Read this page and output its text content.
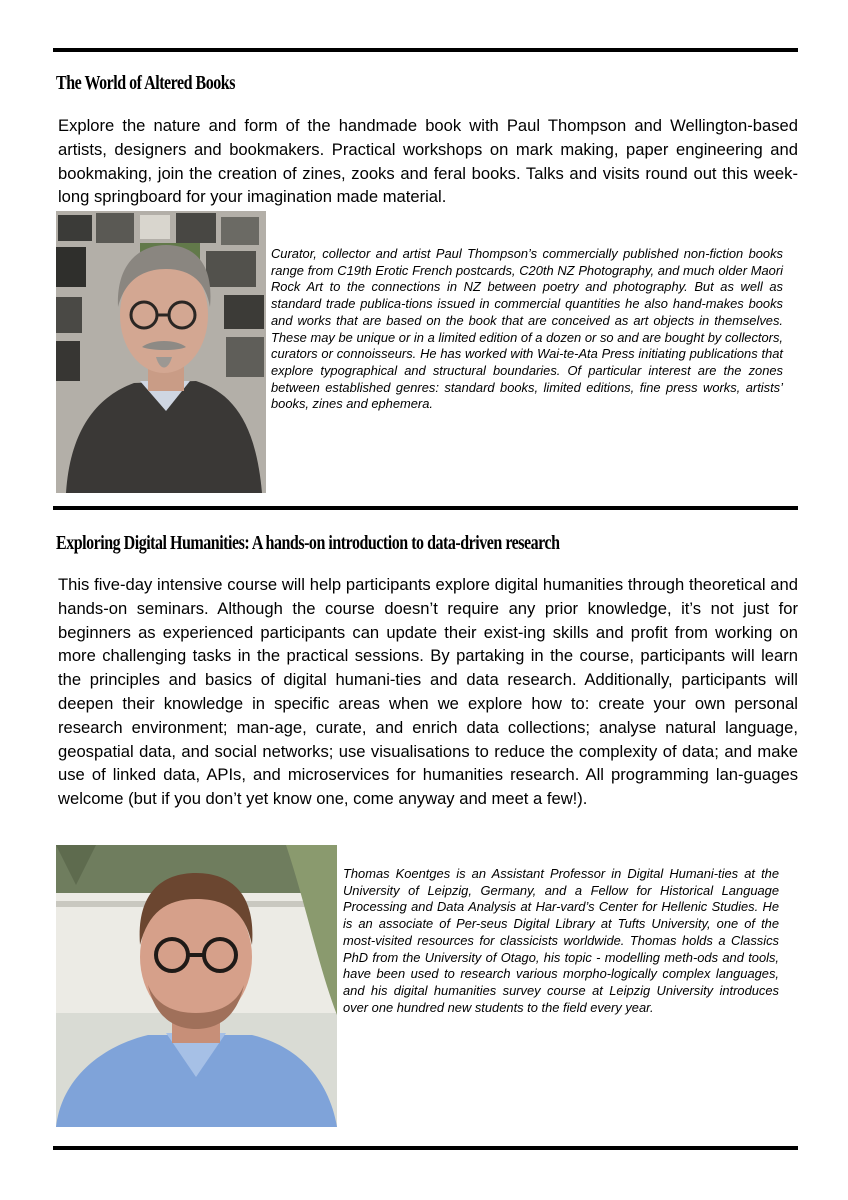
The World of Altered Books

Explore the nature and form of the handmade book with Paul Thompson and Wellington-based artists, designers and bookmakers. Practical workshops on mark making, paper engineering and bookmaking, join the creation of zines, zooks and feral books. Talks and visits round out this week-long springboard for your imagination made material.

Curator, collector and artist Paul Thompson’s commercially published non-fiction books range from C19th Erotic French postcards, C20th NZ Photography, and much older Maori Rock Art to the connections in NZ between poetry and photography. But as well as standard trade publica-tions issued in commercial quantities he also hand-makes books and works that are based on the book that are conceived as art objects in themselves. These may be unique or in a limited edition of a dozen or so and are bought by collectors, curators or connoisseurs. He has worked with Wai-te-Ata Press initiating publications that explore typographical and structural boundaries. Of particular interest are the zones between established genres: standard books, limited editions, fine press works, artists’ books, zines and ephemera.

Exploring Digital Humanities: A hands-on introduction to data-driven research

This five-day intensive course will help participants explore digital humanities through theoretical and hands-on seminars. Although the course doesn’t require any prior knowledge, it’s not just for beginners as experienced participants can update their exist-ing skills and profit from working on more challenging tasks in the practical sessions. By partaking in the course, participants will learn the principles and basics of digital humani-ties and data research. Additionally, participants will deepen their knowledge in specific areas when we explore how to: create your own personal research environment; man-age, curate, and enrich data collections; analyse natural language, geospatial data, and social networks; use visualisations to reduce the complexity of data; and make use of linked data, APIs, and microservices for humanities research. All programming lan-guages welcome (but if you don’t yet know one, come anyway and meet a few!).

Thomas Koentges is an Assistant Professor in Digital Humani-ties at the University of Leipzig, Germany, and a Fellow for Historical Language Processing and Data Analysis at Har-vard’s Center for Hellenic Studies. He is an associate of Per-seus Digital Library at Tufts University, one of the most-visited resources for classicists worldwide. Thomas holds a Classics PhD from the University of Otago, his topic - modelling meth-ods and tools, have been used to research various morpho-logically complex languages, and his digital humanities survey course at Leipzig University introduces over one hundred new students to the field every year.
